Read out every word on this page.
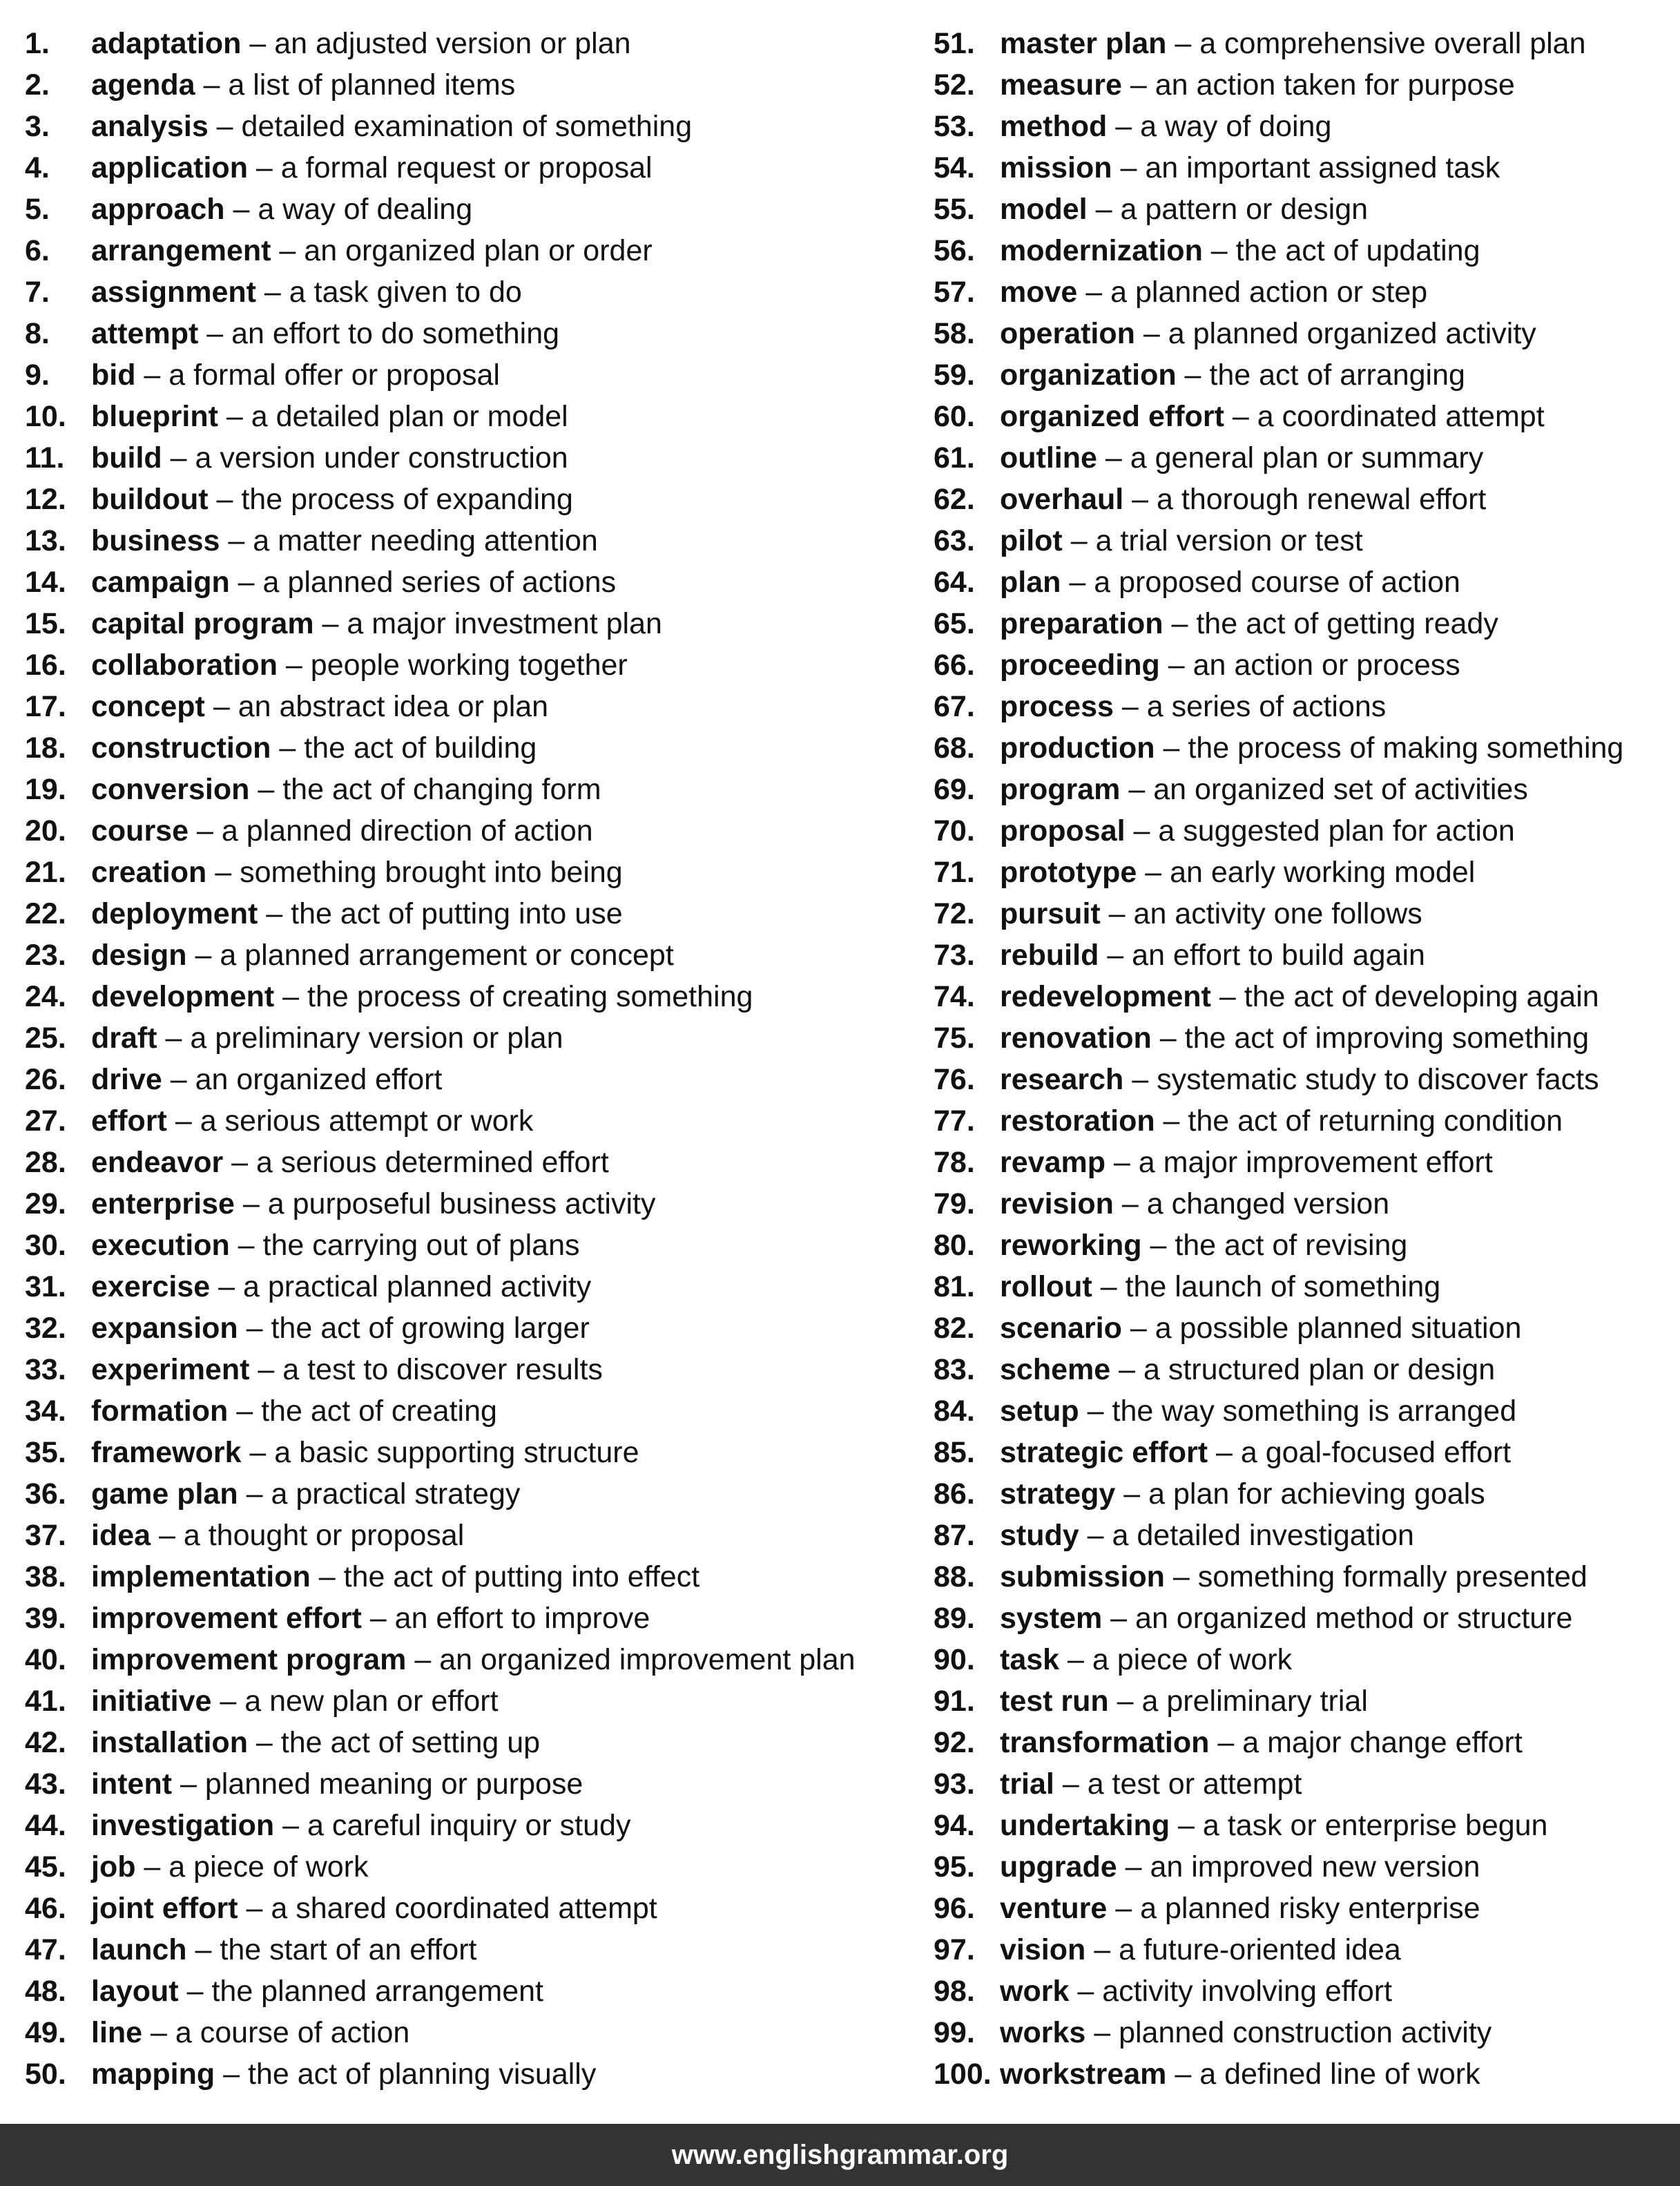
1. adaptation – an adjusted version or plan
2. agenda – a list of planned items
3. analysis – detailed examination of something
4. application – a formal request or proposal
5. approach – a way of dealing
6. arrangement – an organized plan or order
7. assignment – a task given to do
8. attempt – an effort to do something
9. bid – a formal offer or proposal
10. blueprint – a detailed plan or model
11. build – a version under construction
12. buildout – the process of expanding
13. business – a matter needing attention
14. campaign – a planned series of actions
15. capital program – a major investment plan
16. collaboration – people working together
17. concept – an abstract idea or plan
18. construction – the act of building
19. conversion – the act of changing form
20. course – a planned direction of action
21. creation – something brought into being
22. deployment – the act of putting into use
23. design – a planned arrangement or concept
24. development – the process of creating something
25. draft – a preliminary version or plan
26. drive – an organized effort
27. effort – a serious attempt or work
28. endeavor – a serious determined effort
29. enterprise – a purposeful business activity
30. execution – the carrying out of plans
31. exercise – a practical planned activity
32. expansion – the act of growing larger
33. experiment – a test to discover results
34. formation – the act of creating
35. framework – a basic supporting structure
36. game plan – a practical strategy
37. idea – a thought or proposal
38. implementation – the act of putting into effect
39. improvement effort – an effort to improve
40. improvement program – an organized improvement plan
41. initiative – a new plan or effort
42. installation – the act of setting up
43. intent – planned meaning or purpose
44. investigation – a careful inquiry or study
45. job – a piece of work
46. joint effort – a shared coordinated attempt
47. launch – the start of an effort
48. layout – the planned arrangement
49. line – a course of action
50. mapping – the act of planning visually
51. master plan – a comprehensive overall plan
52. measure – an action taken for purpose
53. method – a way of doing
54. mission – an important assigned task
55. model – a pattern or design
56. modernization – the act of updating
57. move – a planned action or step
58. operation – a planned organized activity
59. organization – the act of arranging
60. organized effort – a coordinated attempt
61. outline – a general plan or summary
62. overhaul – a thorough renewal effort
63. pilot – a trial version or test
64. plan – a proposed course of action
65. preparation – the act of getting ready
66. proceeding – an action or process
67. process – a series of actions
68. production – the process of making something
69. program – an organized set of activities
70. proposal – a suggested plan for action
71. prototype – an early working model
72. pursuit – an activity one follows
73. rebuild – an effort to build again
74. redevelopment – the act of developing again
75. renovation – the act of improving something
76. research – systematic study to discover facts
77. restoration – the act of returning condition
78. revamp – a major improvement effort
79. revision – a changed version
80. reworking – the act of revising
81. rollout – the launch of something
82. scenario – a possible planned situation
83. scheme – a structured plan or design
84. setup – the way something is arranged
85. strategic effort – a goal-focused effort
86. strategy – a plan for achieving goals
87. study – a detailed investigation
88. submission – something formally presented
89. system – an organized method or structure
90. task – a piece of work
91. test run – a preliminary trial
92. transformation – a major change effort
93. trial – a test or attempt
94. undertaking – a task or enterprise begun
95. upgrade – an improved new version
96. venture – a planned risky enterprise
97. vision – a future-oriented idea
98. work – activity involving effort
99. works – planned construction activity
100. workstream – a defined line of work
www.englishgrammar.org
